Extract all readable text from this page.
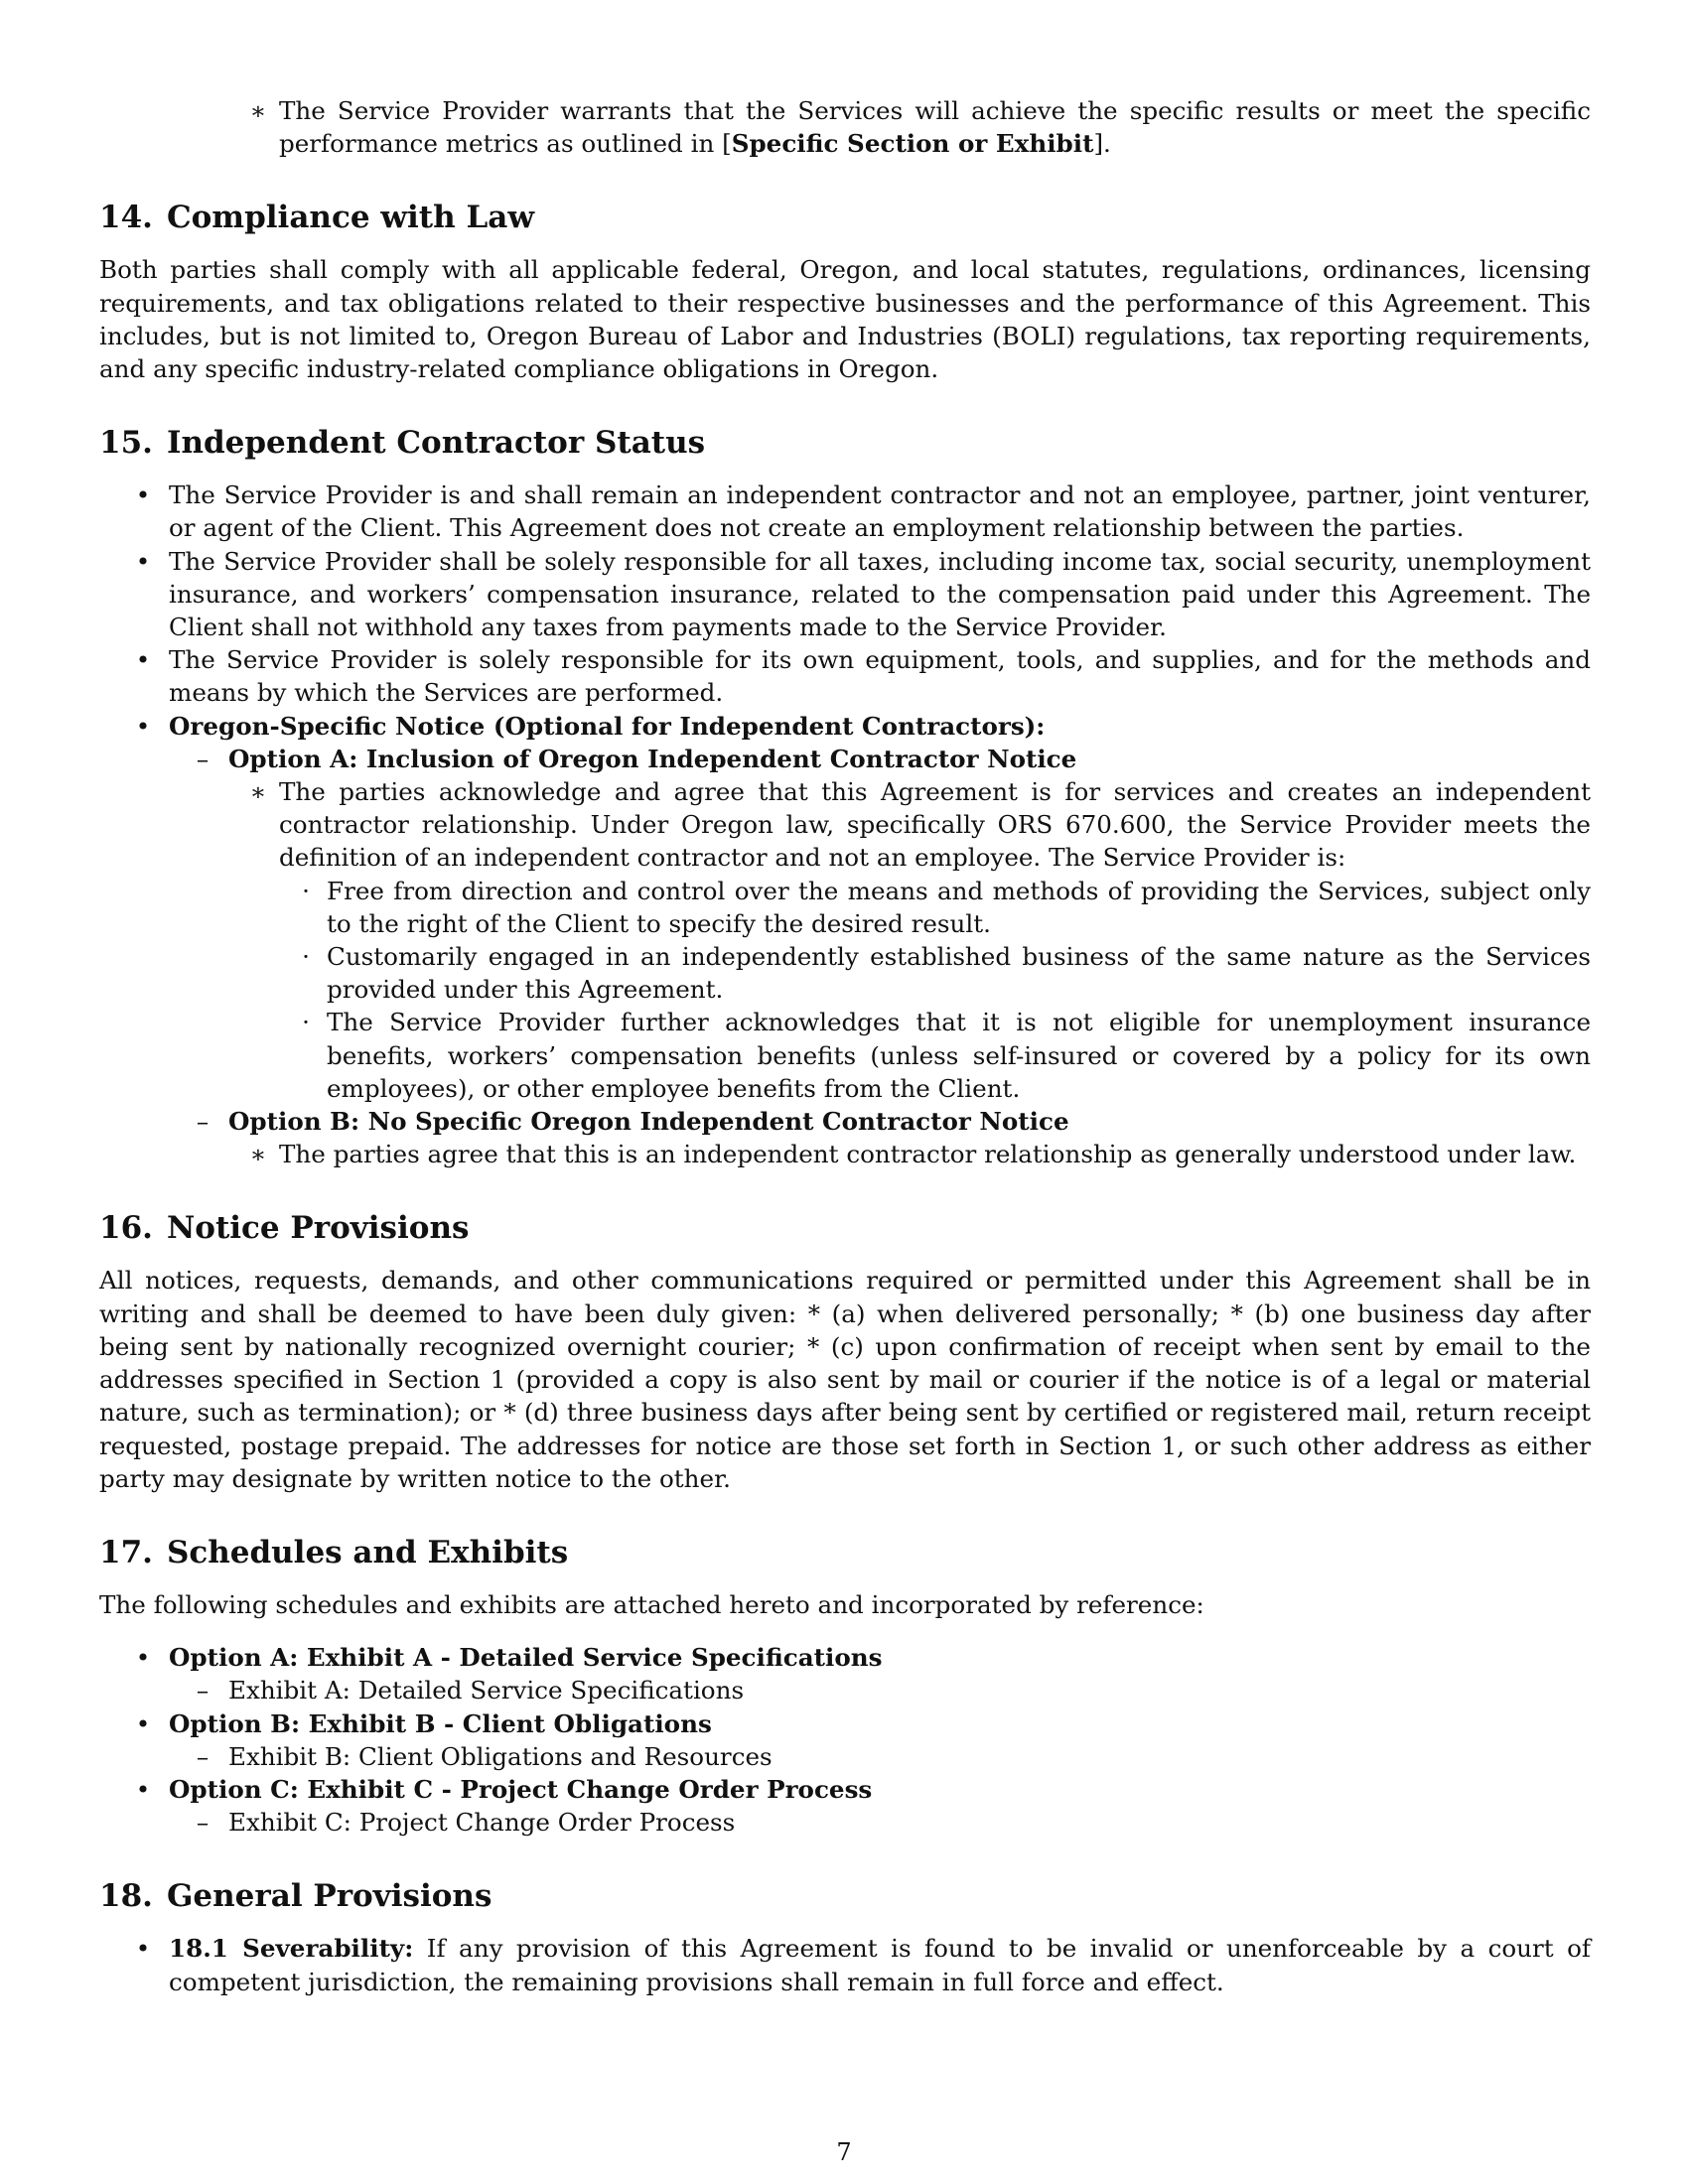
∗ The Service Provider warrants that the Services will achieve the specific results or meet the specific performance metrics as outlined in [Specific Section or Exhibit].
14. Compliance with Law

Both parties shall comply with all applicable federal, Oregon, and local statutes, regulations, ordinances, licensing requirements, and tax obligations related to their respective businesses and the performance of this Agreement. This includes, but is not limited to, Oregon Bureau of Labor and Industries (BOLI) regulations, tax reporting requirements, and any specific industry-related compliance obligations in Oregon.

15. Independent Contractor Status
• The Service Provider is and shall remain an independent contractor and not an employee, partner, joint venturer, or agent of the Client. This Agreement does not create an employment relationship between the parties.
• The Service Provider shall be solely responsible for all taxes, including income tax, social security, unemployment insurance, and workers’ compensation insurance, related to the compensation paid under this Agreement. The Client shall not withhold any taxes from payments made to the Service Provider.
• The Service Provider is solely responsible for its own equipment, tools, and supplies, and for the methods and means by which the Services are performed.
• Oregon-Specific Notice (Optional for Independent Contractors):
– Option A: Inclusion of Oregon Independent Contractor Notice
∗ The parties acknowledge and agree that this Agreement is for services and creates an independent contractor relationship. Under Oregon law, specifically ORS 670.600, the Service Provider meets the definition of an independent contractor and not an employee. The Service Provider is:
· Free from direction and control over the means and methods of providing the Services, subject only to the right of the Client to specify the desired result.
· Customarily engaged in an independently established business of the same nature as the Services provided under this Agreement.
· The Service Provider further acknowledges that it is not eligible for unemployment insurance benefits, workers’ compensation benefits (unless self-insured or covered by a policy for its own employees), or other employee benefits from the Client.
– Option B: No Specific Oregon Independent Contractor Notice
∗ The parties agree that this is an independent contractor relationship as generally understood under law.
16. Notice Provisions

All notices, requests, demands, and other communications required or permitted under this Agreement shall be in writing and shall be deemed to have been duly given: * (a) when delivered personally; * (b) one business day after being sent by nationally recognized overnight courier; * (c) upon confirmation of receipt when sent by email to the addresses specified in Section 1 (provided a copy is also sent by mail or courier if the notice is of a legal or material nature, such as termination); or * (d) three business days after being sent by certified or registered mail, return receipt requested, postage prepaid. The addresses for notice are those set forth in Section 1, or such other address as either party may designate by written notice to the other.

17. Schedules and Exhibits

The following schedules and exhibits are attached hereto and incorporated by reference:

• Option A: Exhibit A - Detailed Service Specifications
– Exhibit A: Detailed Service Specifications
• Option B: Exhibit B - Client Obligations
– Exhibit B: Client Obligations and Resources
• Option C: Exhibit C - Project Change Order Process
– Exhibit C: Project Change Order Process
18. General Provisions
• 18.1 Severability: If any provision of this Agreement is found to be invalid or unenforceable by a court of competent jurisdiction, the remaining provisions shall remain in full force and effect.
7
